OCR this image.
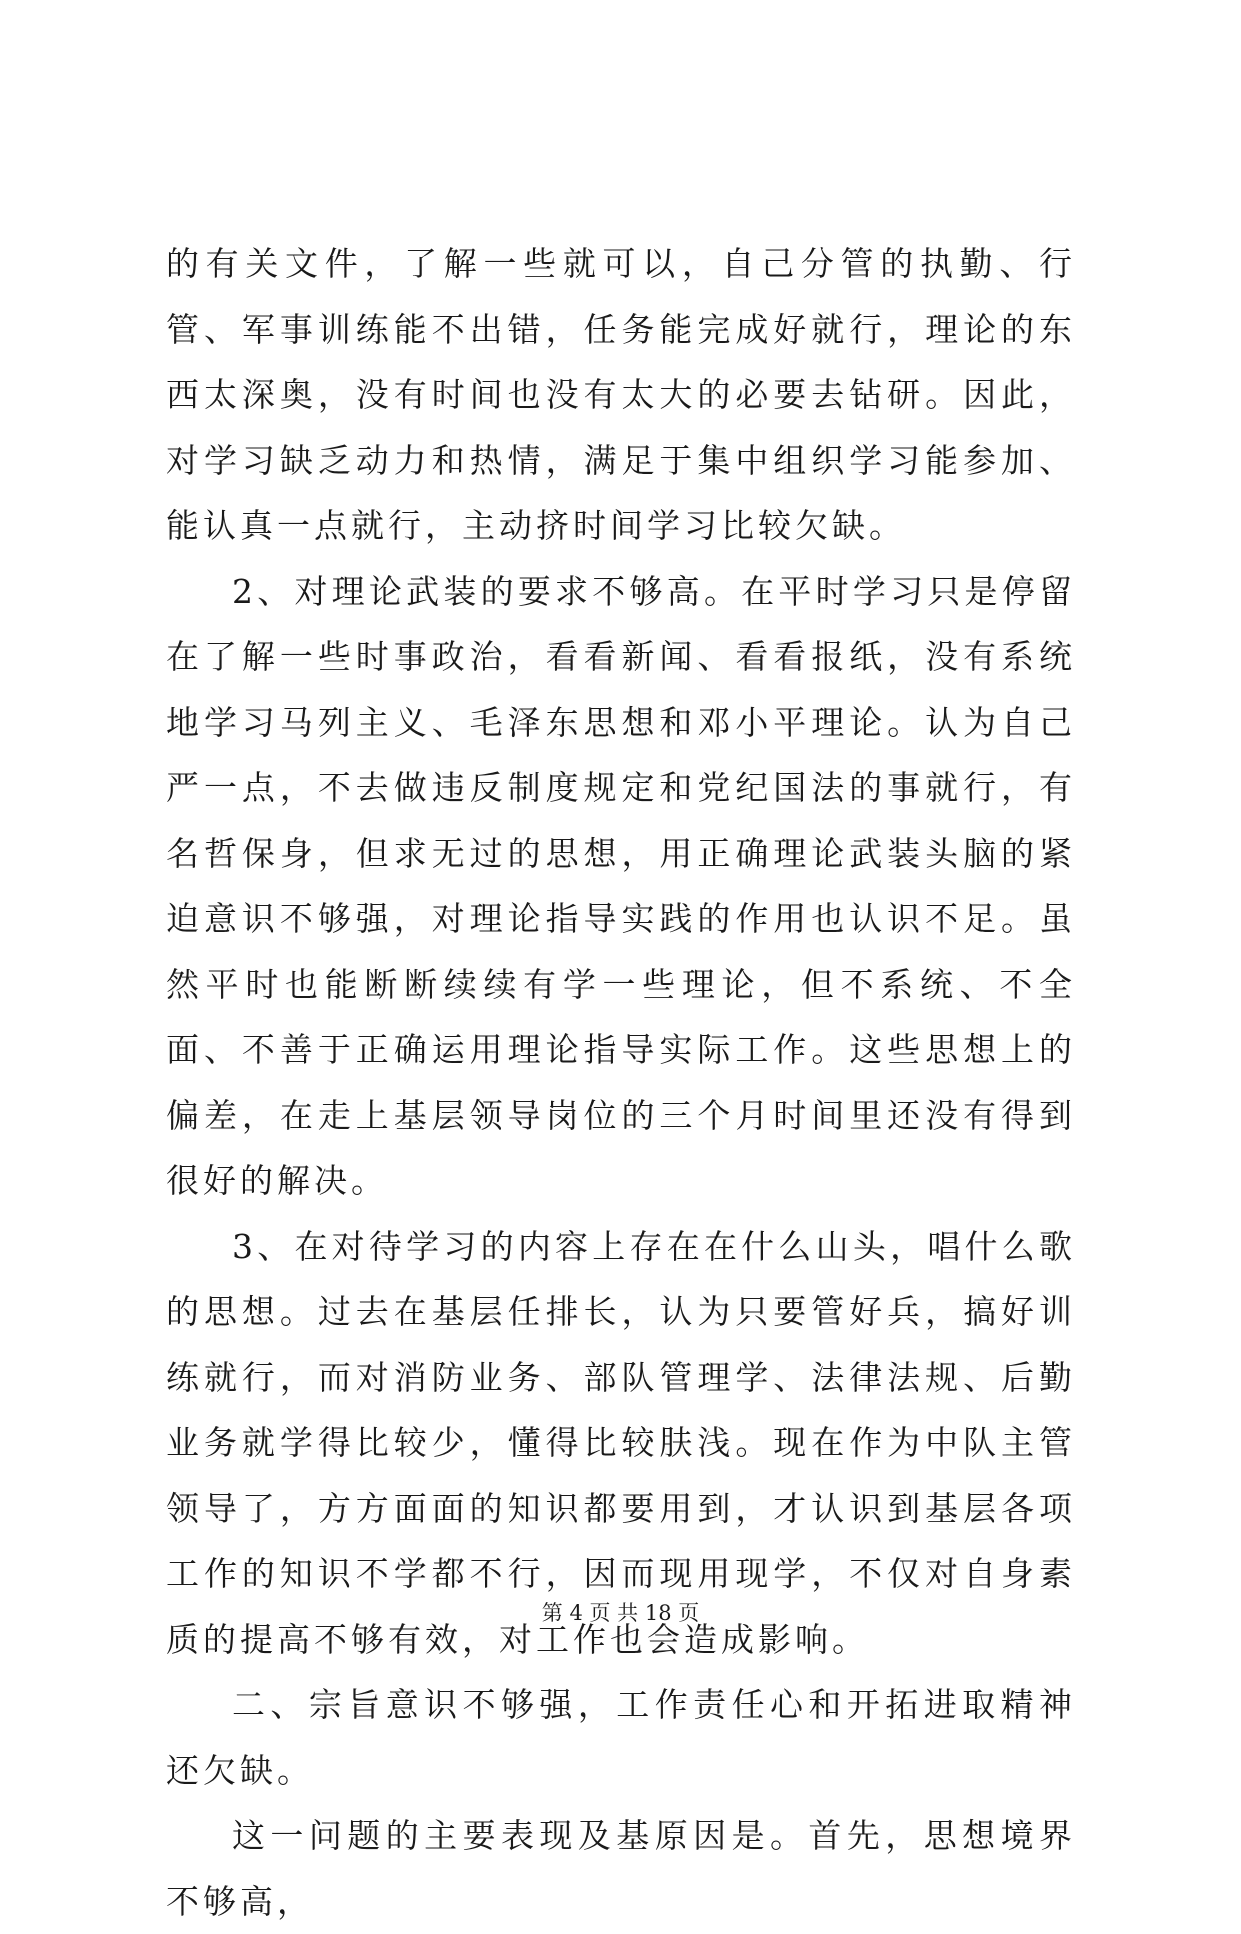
的有关文件，了解一些就可以，自己分管的执勤、行管、军事训练能不出错，任务能完成好就行，理论的东西太深奥，没有时间也没有太大的必要去钻研。因此，对学习缺乏动力和热情，满足于集中组织学习能参加、能认真一点就行，主动挤时间学习比较欠缺。

2、对理论武装的要求不够高。在平时学习只是停留在了解一些时事政治，看看新闻、看看报纸，没有系统地学习马列主义、毛泽东思想和邓小平理论。认为自己严一点，不去做违反制度规定和党纪国法的事就行，有名哲保身，但求无过的思想，用正确理论武装头脑的紧迫意识不够强，对理论指导实践的作用也认识不足。虽然平时也能断断续续有学一些理论，但不系统、不全面、不善于正确运用理论指导实际工作。这些思想上的偏差，在走上基层领导岗位的三个月时间里还没有得到很好的解决。

3、在对待学习的内容上存在在什么山头，唱什么歌的思想。过去在基层任排长，认为只要管好兵，搞好训练就行，而对消防业务、部队管理学、法律法规、后勤业务就学得比较少，懂得比较肤浅。现在作为中队主管领导了，方方面面的知识都要用到，才认识到基层各项工作的知识不学都不行，因而现用现学，不仅对自身素质的提高不够有效，对工作也会造成影响。

二、宗旨意识不够强，工作责任心和开拓进取精神还欠缺。

这一问题的主要表现及基原因是。首先，思想境界不够高，

第 4 页 共 18 页
